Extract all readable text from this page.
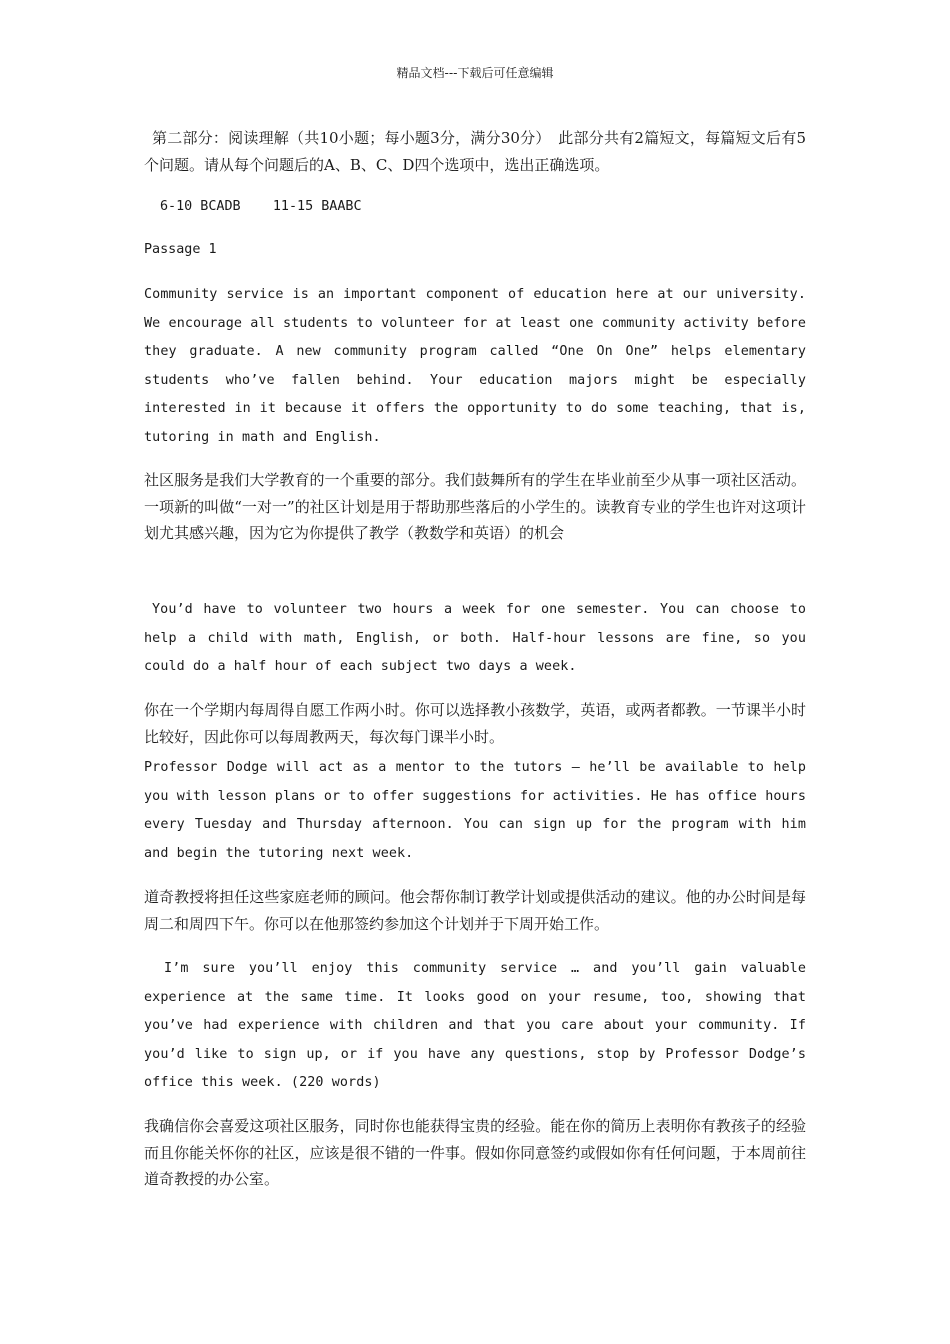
精品文档---下载后可任意编辑

第二部分：阅读理解（共10小题；每小题3分，满分30分）　此部分共有2篇短文，每篇短文后有5个问题。请从每个问题后的A、B、C、D四个选项中，选出正确选项。

6-10 BCADB    11-15 BAABC

Passage 1

Community service is an important component of education here at our university. We encourage all students to volunteer for at least one community activity before they graduate. A new community program called “One On One” helps elementary students who’ve fallen behind. Your education majors might be especially interested in it because it offers the opportunity to do some teaching, that is, tutoring in math and English.

社区服务是我们大学教育的一个重要的部分。我们鼓舞所有的学生在毕业前至少从事一项社区活动。一项新的叫做“一对一”的社区计划是用于帮助那些落后的小学生的。读教育专业的学生也许对这项计划尤其感兴趣，因为它为你提供了教学（教数学和英语）的机会

You’d have to volunteer two hours a week for one semester. You can choose to help a child with math, English, or both. Half-hour lessons are fine, so you could do a half hour of each subject two days a week.

你在一个学期内每周得自愿工作两小时。你可以选择教小孩数学，英语，或两者都教。一节课半小时比较好，因此你可以每周教两天，每次每门课半小时。

Professor Dodge will act as a mentor to the tutors — he’ll be available to help you with lesson plans or to offer suggestions for activities. He has office hours every Tuesday and Thursday afternoon. You can sign up for the program with him and begin the tutoring next week.

道奇教授将担任这些家庭老师的顾问。他会帮你制订教学计划或提供活动的建议。他的办公时间是每周二和周四下午。你可以在他那签约参加这个计划并于下周开始工作。

I’m sure you’ll enjoy this community service … and you’ll gain valuable experience at the same time. It looks good on your resume, too, showing that you’ve had experience with children and that you care about your community. If you’d like to sign up, or if you have any questions, stop by Professor Dodge’s office this week. (220 words)

我确信你会喜爱这项社区服务，同时你也能获得宝贵的经验。能在你的简历上表明你有教孩子的经验而且你能关怀你的社区，应该是很不错的一件事。假如你同意签约或假如你有任何问题，于本周前往道奇教授的办公室。
